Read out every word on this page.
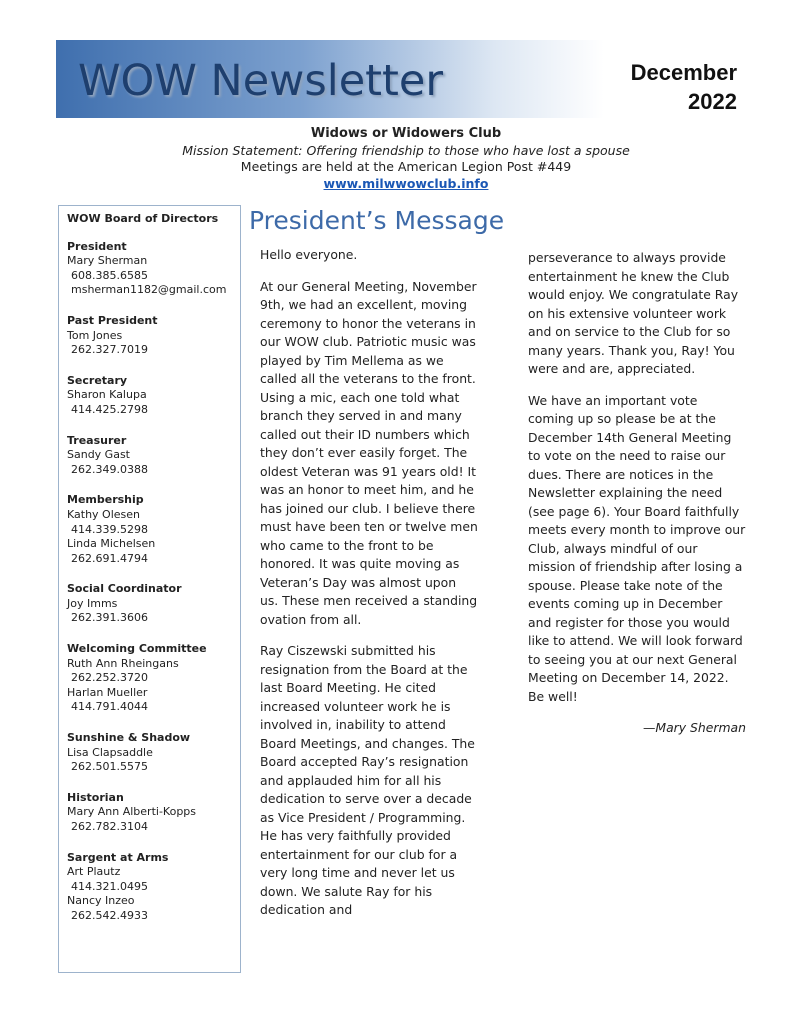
WOW Newsletter	December
2022
Widows or Widowers Club
Mission Statement: Offering friendship to those who have lost a spouse
Meetings are held at the American Legion Post #449
www.milwwowclub.info
WOW Board of Directors
President
Mary Sherman
608.385.6585
msherman1182@gmail.com
Past President
Tom Jones
262.327.7019
Secretary
Sharon Kalupa
414.425.2798
Treasurer
Sandy Gast
262.349.0388
Membership
Kathy Olesen
414.339.5298
Linda Michelsen
262.691.4794
Social Coordinator
Joy Imms
262.391.3606
Welcoming Committee
Ruth Ann Rheingans
262.252.3720
Harlan Mueller
414.791.4044
Sunshine & Shadow
Lisa Clapsaddle
262.501.5575
Historian
Mary Ann Alberti-Kopps
262.782.3104
Sargent at Arms
Art Plautz
414.321.0495
Nancy Inzeo
262.542.4933
President’s Message

Hello everyone.

At our General Meeting, November 9th, we had an excellent, moving ceremony to honor the veterans in our WOW club. Patriotic music was played by Tim Mellema as we called all the veterans to the front. Using a mic, each one told what branch they served in and many called out their ID numbers which they don’t ever easily forget. The oldest Veteran was 91 years old! It was an honor to meet him, and he has joined our club. I believe there must have been ten or twelve men who came to the front to be honored. It was quite moving as Veteran’s Day was almost upon us. These men received a standing ovation from all.

Ray Ciszewski submitted his resignation from the Board at the last Board Meeting. He cited increased volunteer work he is involved in, inability to attend Board Meetings, and changes. The Board accepted Ray’s resignation and applauded him for all his dedication to serve over a decade as Vice President / Programming. He has very faithfully provided entertainment for our club for a very long time and never let us down. We salute Ray for his dedication and

perseverance to always provide entertainment he knew the Club would enjoy. We congratulate Ray on his extensive volunteer work and on service to the Club for so many years. Thank you, Ray! You were and are, appreciated.

We have an important vote coming up so please be at the December 14th General Meeting to vote on the need to raise our dues. There are notices in the Newsletter explaining the need (see page 6). Your Board faithfully meets every month to improve our Club, always mindful of our mission of friendship after losing a spouse. Please take note of the events coming up in December and register for those you would like to attend. We will look forward to seeing you at our next General Meeting on December 14, 2022. Be well!

—Mary Sherman
